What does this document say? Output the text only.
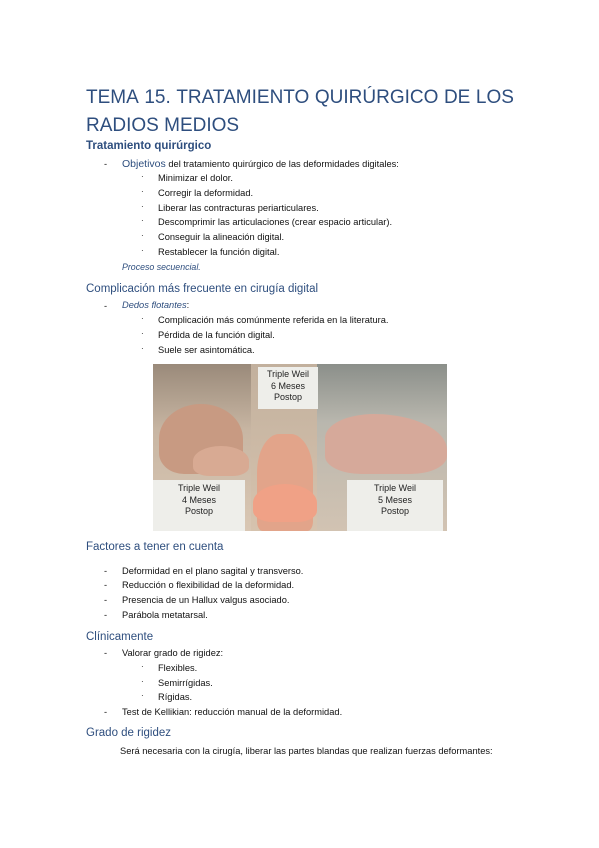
TEMA 15. TRATAMIENTO QUIRÚRGICO DE LOS
RADIOS MEDIOS
Tratamiento quirúrgico
- Objetivos del tratamiento quirúrgico de las deformidades digitales:
· Minimizar el dolor.
· Corregir la deformidad.
· Liberar las contracturas periarticulares.
· Descomprimir las articulaciones (crear espacio articular).
· Conseguir la alineación digital.
· Restablecer la función digital.
Proceso secuencial.
Complicación más frecuente en cirugía digital
- Dedos flotantes:
· Complicación más comúnmente referida en la literatura.
· Pérdida de la función digital.
· Suele ser asintomática.
Triple Weil
6 Meses
Postop
Triple Weil
4 Meses
Postop
Triple Weil
5 Meses
Postop
Factores a tener en cuenta
- Deformidad en el plano sagital y transverso.
- Reducción o flexibilidad de la deformidad.
- Presencia de un Hallux valgus asociado.
- Parábola metatarsal.
Clínicamente
- Valorar grado de rigidez:
· Flexibles.
· Semirrígidas.
· Rígidas.
- Test de Kellikian: reducción manual de la deformidad.
Grado de rigidez
Será necesaria con la cirugía, liberar las partes blandas que realizan fuerzas deformantes:
